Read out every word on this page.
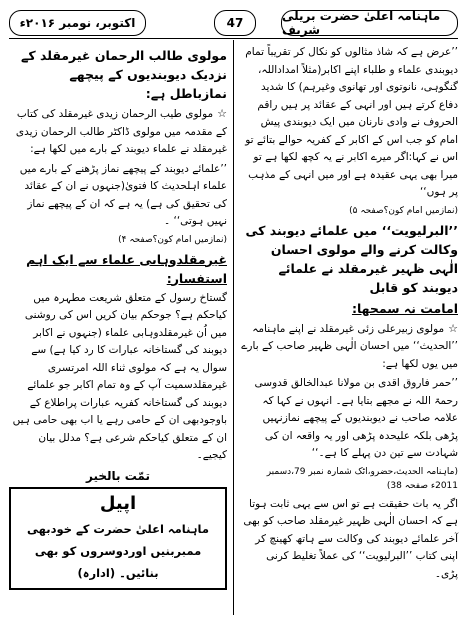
ماہنامہ اعلیٰ حضرت بریلی شریف
47
اکتوبر، نومبر ۲۰۱۶ء

’’عرض ہے کہ شاذ مثالوں کو نکال کر تقریباً تمام دیوبندی علماء و طلباء اپنے اکابر(مثلاً امداداللہ، گنگوہی، نانوتوی اور تھانوی وغیرہم) کا شدید دفاع کرتے ہیں اور انہی کے عقائد پر ہیں راقم الحروف نے وادی نارنان میں ایک دیوبندی پیش امام کو جب اس کے اکابر کے کفریہ حوالے بتائے تو اس نے کہا:اگر میرے اکابر نے یہ کچھ لکھا ہے تو میرا بھی یہی عقیدہ ہے اور میں انہی کے مذہب پر ہوں‘‘

(نمازمیں امام کون؟صفحہ ۵)

’’البرلیویت‘‘ میں علمائے دیوبند کی وکالت کرنے والے مولوی احسان الٰہی ظہیر غیرمقلد نے علمائے دیوبند کو قابل

امامت نہ سمجھا:

☆مولوی زبیرعلی زئی غیرمقلد نے اپنے ماہنامہ ’’الحدیث‘‘ میں احسان الٰہی ظہیر صاحب کے بارے میں یوں لکھا ہے:

’’حمر فاروق اقدی بن مولانا عبدالخالق قدوسی رحمۃ اللہ نے مجھے بتایا ہے۔ انہوں نے کہا کہ علامہ صاحب نے دیوبندیوں کے پیچھے نمازنہیں پڑھی بلکہ علیحدہ پڑھی اور یہ واقعہ ان کی شہادت سے تین دن پہلے کا ہے۔‘‘

(ماہنامہ الحدیث،حضرو،اٹک شمارہ نمبر 79،دسمبر 2011ء صفحہ 38)

اگر یہ بات حقیقت ہے تو اس سے یہی ثابت ہوتا ہے کہ احسان الٰہی ظہیر غیرمقلد صاحب کو بھی آخر علمائے دیوبند کی وکالت سے ہاتھ کھینچ کر اپنی کتاب ’’البرلیویت‘‘ کی عملاً تغلیط کرنی پڑی۔

مولوی طالب الرحمان غیرمقلد کے نزدیک دیوبندیوں کے پیچھے نمازباطل ہے:

☆مولوی طیب الرحمان زیدی غیرمقلد کی کتاب کے مقدمہ میں مولوی ڈاکٹر طالب الرحمان زیدی غیرمقلد نے علماء دیوبند کے بارے میں لکھا ہے:

’’علمائے دیوبند کے پیچھے نماز پڑھنے کے بارے میں علماء اہلحدیث کا فتویٰ(جنہوں نے ان کے عقائد کی تحقیق کی ہے) یہ ہے کہ ان کے پیچھے نماز نہیں ہوتی‘‘ ۔

(نمازمیں امام کون؟صفحہ ۴)

غیرمقلدوہابی علماء سے ایک اہم استفسار:

گستاخ رسول کے متعلق شریعت مطہرہ میں کیاحکم ہے؟ جوحکم بیان کریں اس کی روشنی میں اُن غیرمقلدوہابی علماء (جنہوں نے اکابر دیوبند کی گستاخانہ عبارات کا رد کیا ہے) سے سوال یہ ہے کہ مولوی ثناء اللہ امرتسری غیرمقلدسمیت آپ کے وہ تمام اکابر جو علمائے دیوبند کی گستاخانہ کفریہ عبارات پراطلاع کے باوجودبھی ان کے حامی رہے یا اب بھی حامی ہیں ان کے متعلق کیاحکم شرعی ہے؟ مدلل بیان کیجیے۔

تمّت بالخیر

اپیل

ماہنامہ اعلیٰ حضرت کے خودبھی ممبربنیں اوردوسروں کو بھی بنائیں۔ (ادارہ)
